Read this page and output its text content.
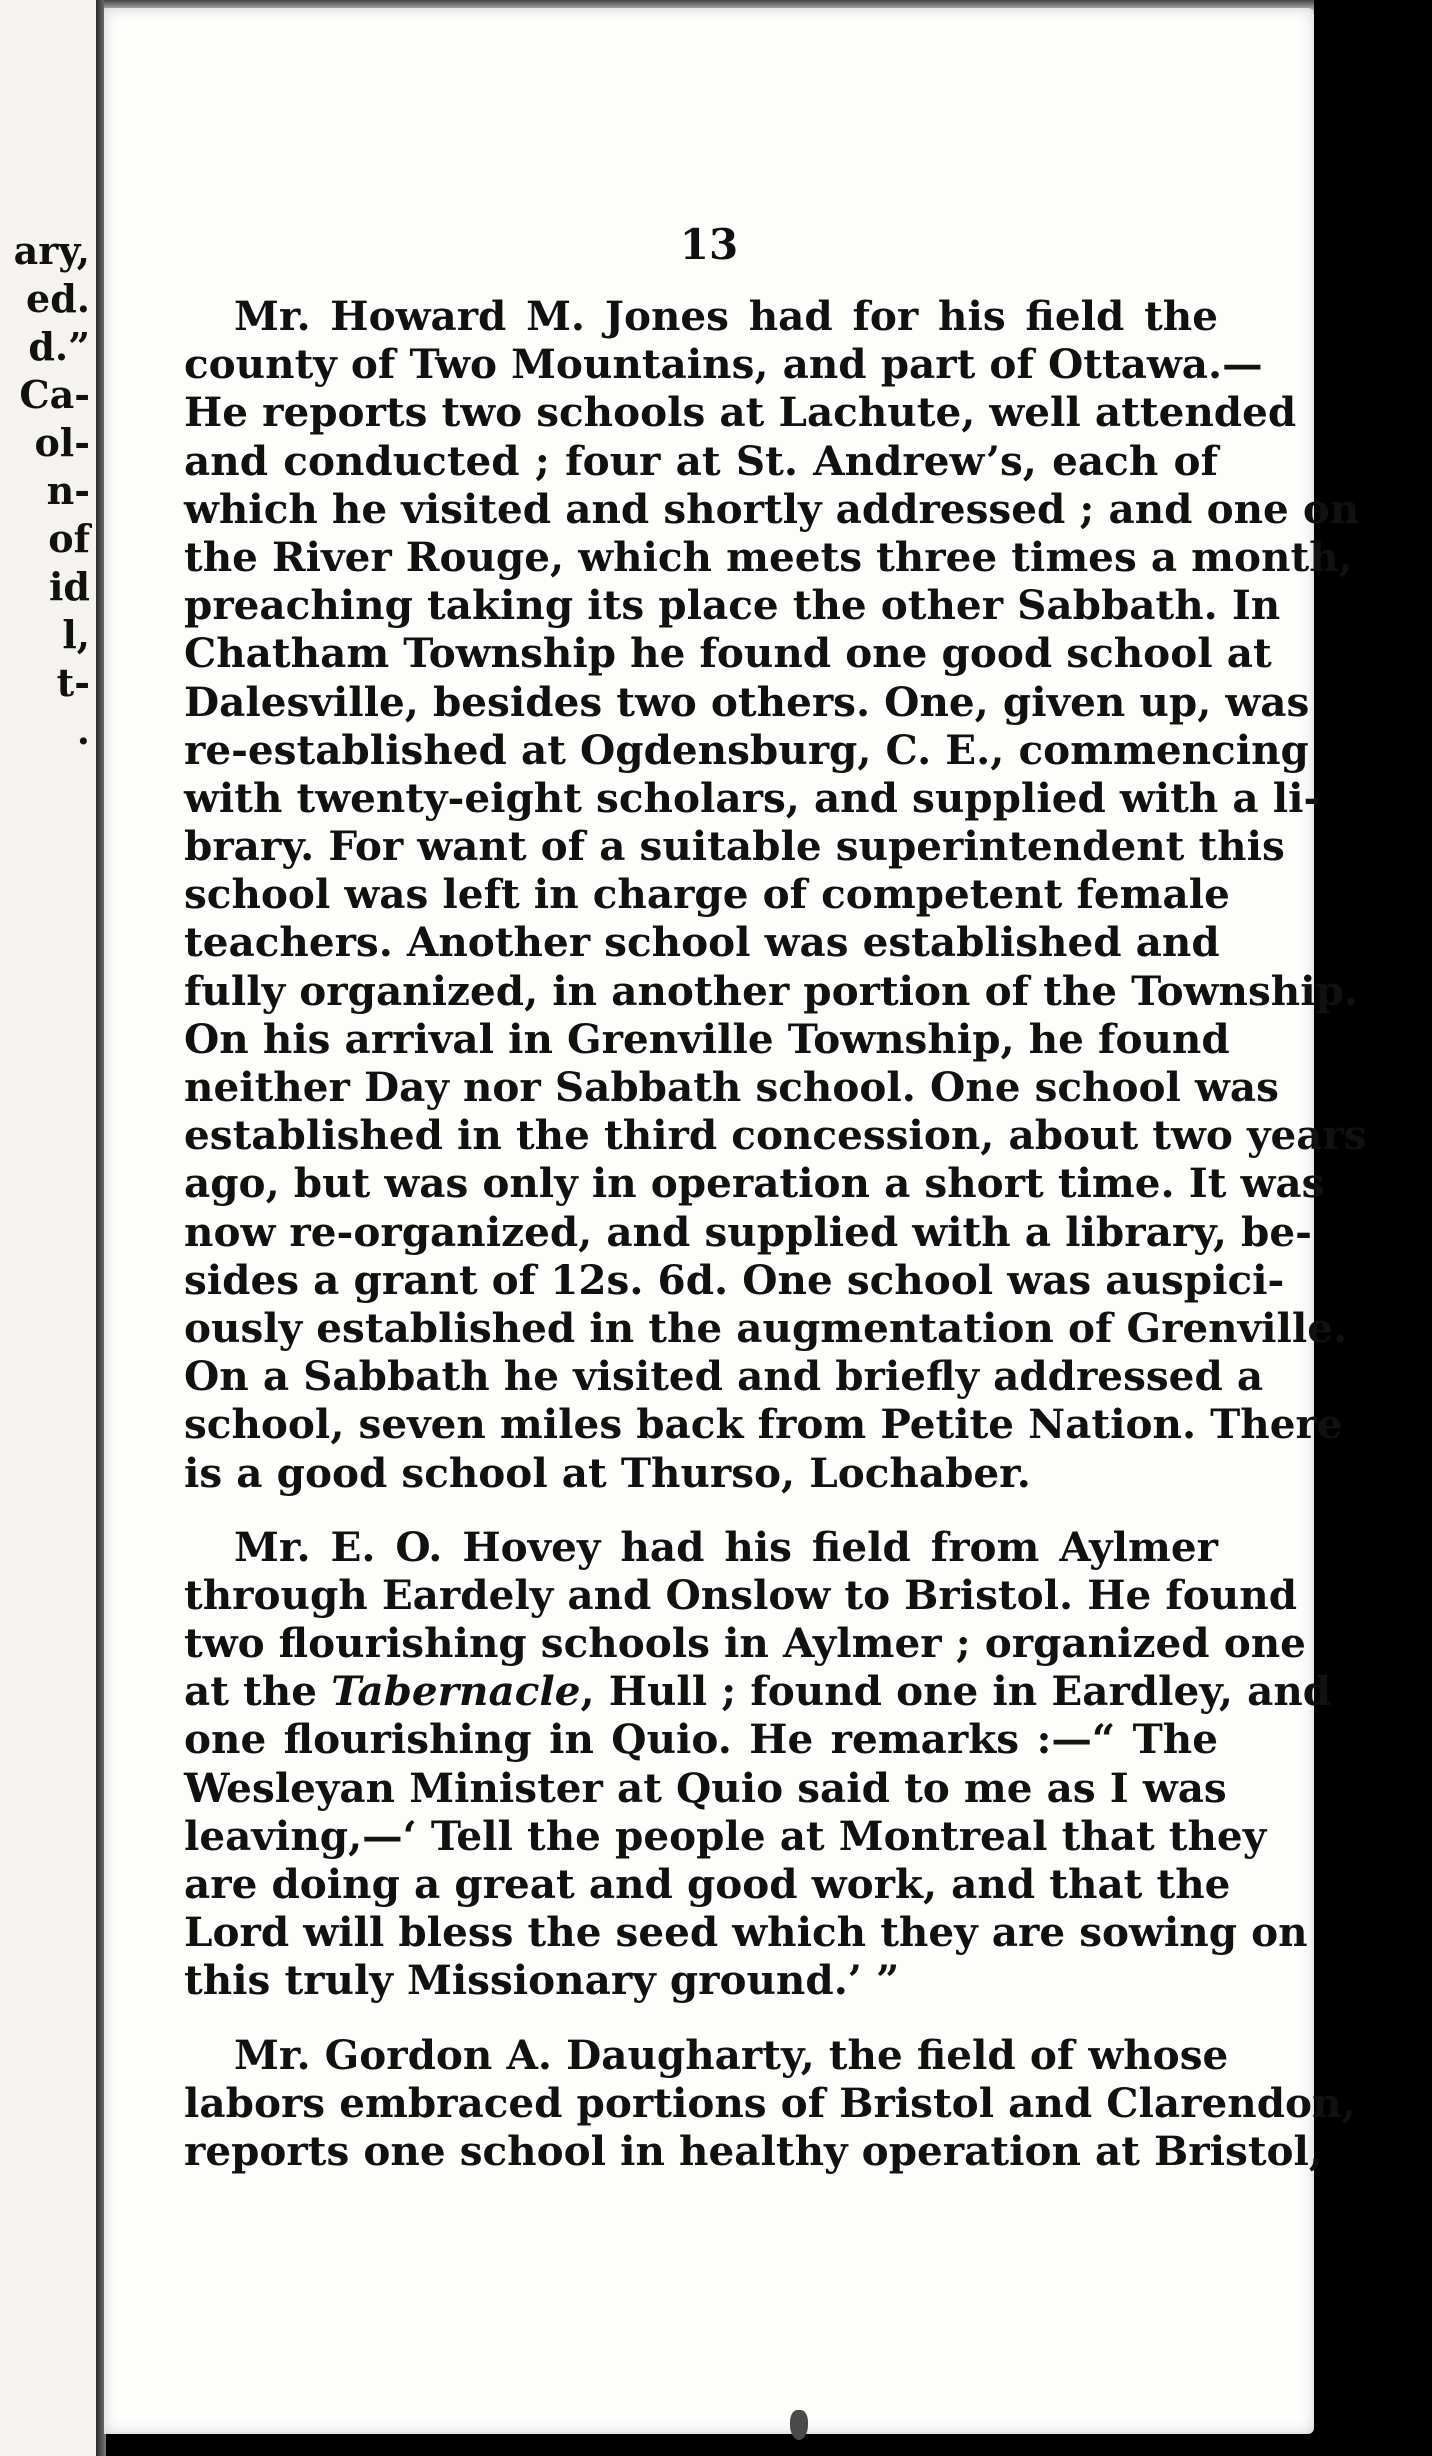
ary,
ed.
d.”
Ca-
ol-
n-
of
id
l,
t-
.
13
Mr. Howard M. Jones had for his field the
county of Two Mountains, and part of Ottawa.—
He reports two schools at Lachute, well attended
and conducted ; four at St. Andrew’s, each of
which he visited and shortly addressed ; and one on
the River Rouge, which meets three times a month,
preaching taking its place the other Sabbath. In
Chatham Township he found one good school at
Dalesville, besides two others. One, given up, was
re-established at Ogdensburg, C. E., commencing
with twenty-eight scholars, and supplied with a li-
brary. For want of a suitable superintendent this
school was left in charge of competent female
teachers. Another school was established and
fully organized, in another portion of the Township.
On his arrival in Grenville Township, he found
neither Day nor Sabbath school. One school was
established in the third concession, about two years
ago, but was only in operation a short time. It was
now re-organized, and supplied with a library, be-
sides a grant of 12s. 6d. One school was auspici-
ously established in the augmentation of Grenville.
On a Sabbath he visited and briefly addressed a
school, seven miles back from Petite Nation. There
is a good school at Thurso, Lochaber.
Mr. E. O. Hovey had his field from Aylmer
through Eardely and Onslow to Bristol. He found
two flourishing schools in Aylmer ; organized one
at the Tabernacle, Hull ; found one in Eardley, and
one flourishing in Quio. He remarks :—“ The
Wesleyan Minister at Quio said to me as I was
leaving,—‘ Tell the people at Montreal that they
are doing a great and good work, and that the
Lord will bless the seed which they are sowing on
this truly Missionary ground.’ ”
Mr. Gordon A. Daugharty, the field of whose
labors embraced portions of Bristol and Clarendon,
reports one school in healthy operation at Bristol,
